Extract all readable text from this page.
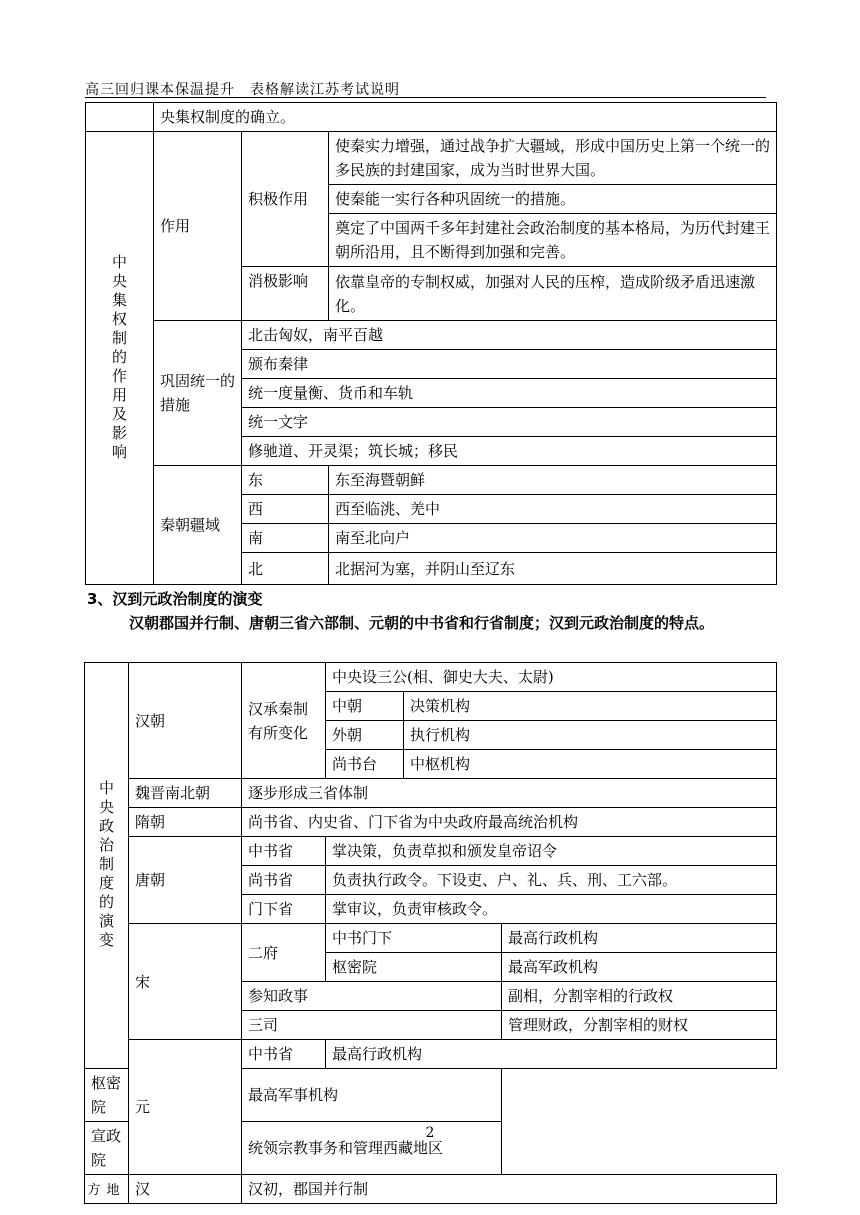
高三回归课本保温提升　表格解读江苏考试说明
	央集权制度的确立。		
中央集权制的作用及影响	作用	积极作用	使秦实力增强，通过战争扩大疆域，形成中国历史上第一个统一的多民族的封建国家，成为当时世界大国。
			使秦能一实行各种巩固统一的措施。
			奠定了中国两千多年封建社会政治制度的基本格局，为历代封建王朝所沿用，且不断得到加强和完善。
		消极影响	依靠皇帝的专制权威，加强对人民的压榨，造成阶级矛盾迅速激化。

	巩固统一的措施	北击匈奴，南平百越	
		颁布秦律	
		统一度量衡、货币和车轨	
		统一文字	
		修驰道、开灵渠；筑长城；移民	
	秦朝疆域	东	东至海暨朝鲜
		西	西至临洮、羌中
		南	南至北向户
		北	北据河为塞，并阴山至辽东
3、汉到元政治制度的演变
汉朝郡国并行制、唐朝三省六部制、元朝的中书省和行省制度；汉到元政治制度的特点。
中央政治制度的演变	汉朝	汉承秦制有所变化	中央设三公(相、御史大夫、太尉)		
			中朝	决策机构	
			外朝	执行机构	
			尚书台	中枢机构	
	魏晋南北朝	逐步形成三省体制			
	隋朝	尚书省、内史省、门下省为中央政府最高统治机构			
	唐朝	中书省	掌决策，负责草拟和颁发皇帝诏令		
		尚书省	负责执行政令。下设吏、户、礼、兵、刑、工六部。		
		门下省	掌审议，负责审核政令。		
	宋	二府	中书门下		最高行政机构
			枢密院		最高军政机构
		参知政事			副相，分割宰相的行政权
		三司			管理财政，分割宰相的财权
	元	中书省	最高行政机构		
枢密院		最高军事机构			
宣政院		统领宗教事务和管理西藏地区			
方地	汉	汉初，郡国并行制			
2
